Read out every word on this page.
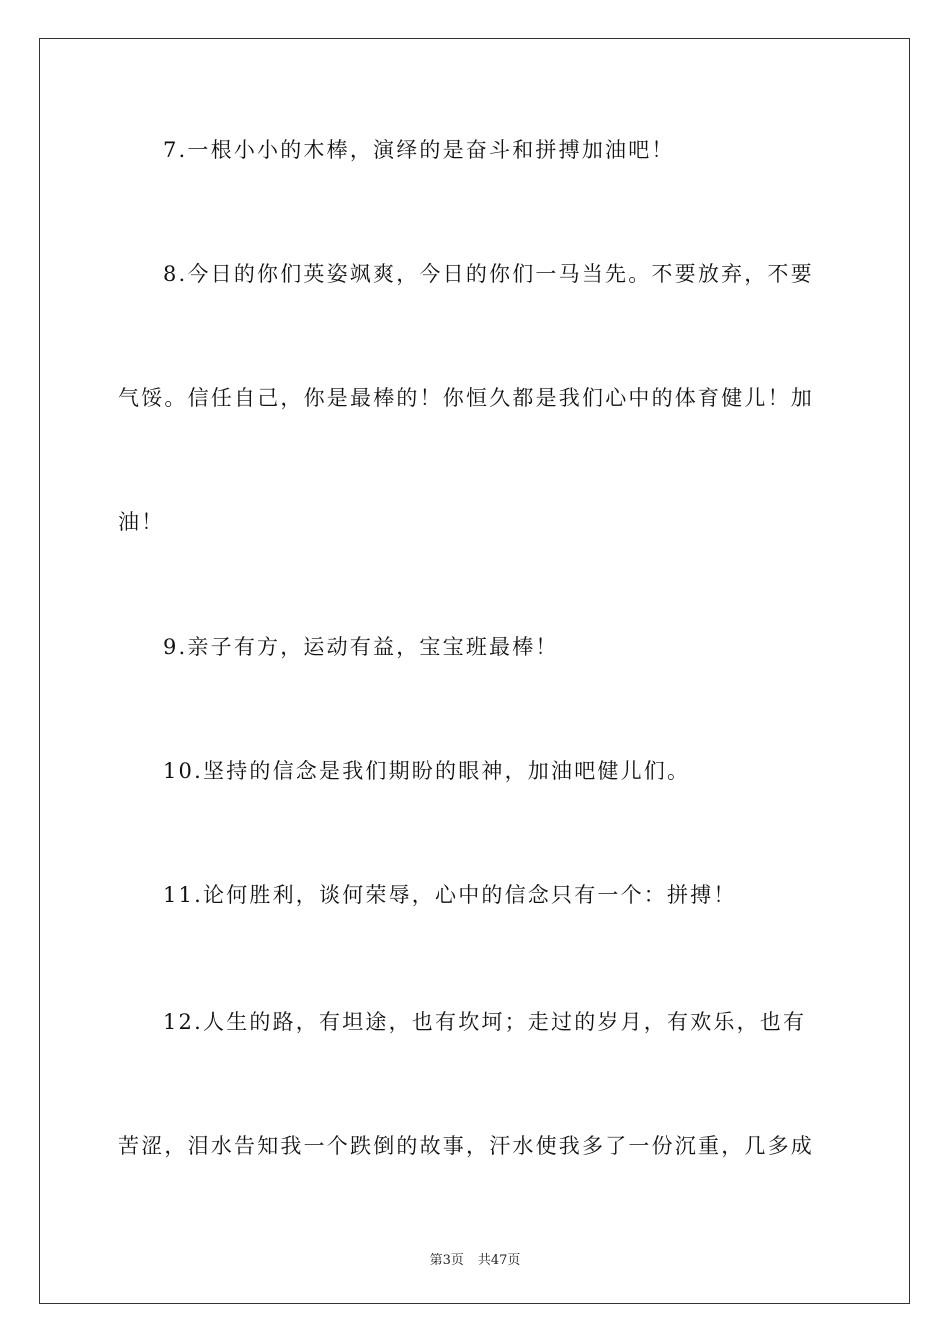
7.一根小小的木棒，演绎的是奋斗和拼搏加油吧！
8.今日的你们英姿飒爽，今日的你们一马当先。不要放弃，不要
气馁。信任自己，你是最棒的！你恒久都是我们心中的体育健儿！加
油！
9.亲子有方，运动有益，宝宝班最棒！
10.坚持的信念是我们期盼的眼神，加油吧健儿们。
11.论何胜利，谈何荣辱，心中的信念只有一个：拼搏！
12.人生的路，有坦途，也有坎坷；走过的岁月，有欢乐，也有
苦涩，泪水告知我一个跌倒的故事，汗水使我多了一份沉重，几多成
第3页 共47页
